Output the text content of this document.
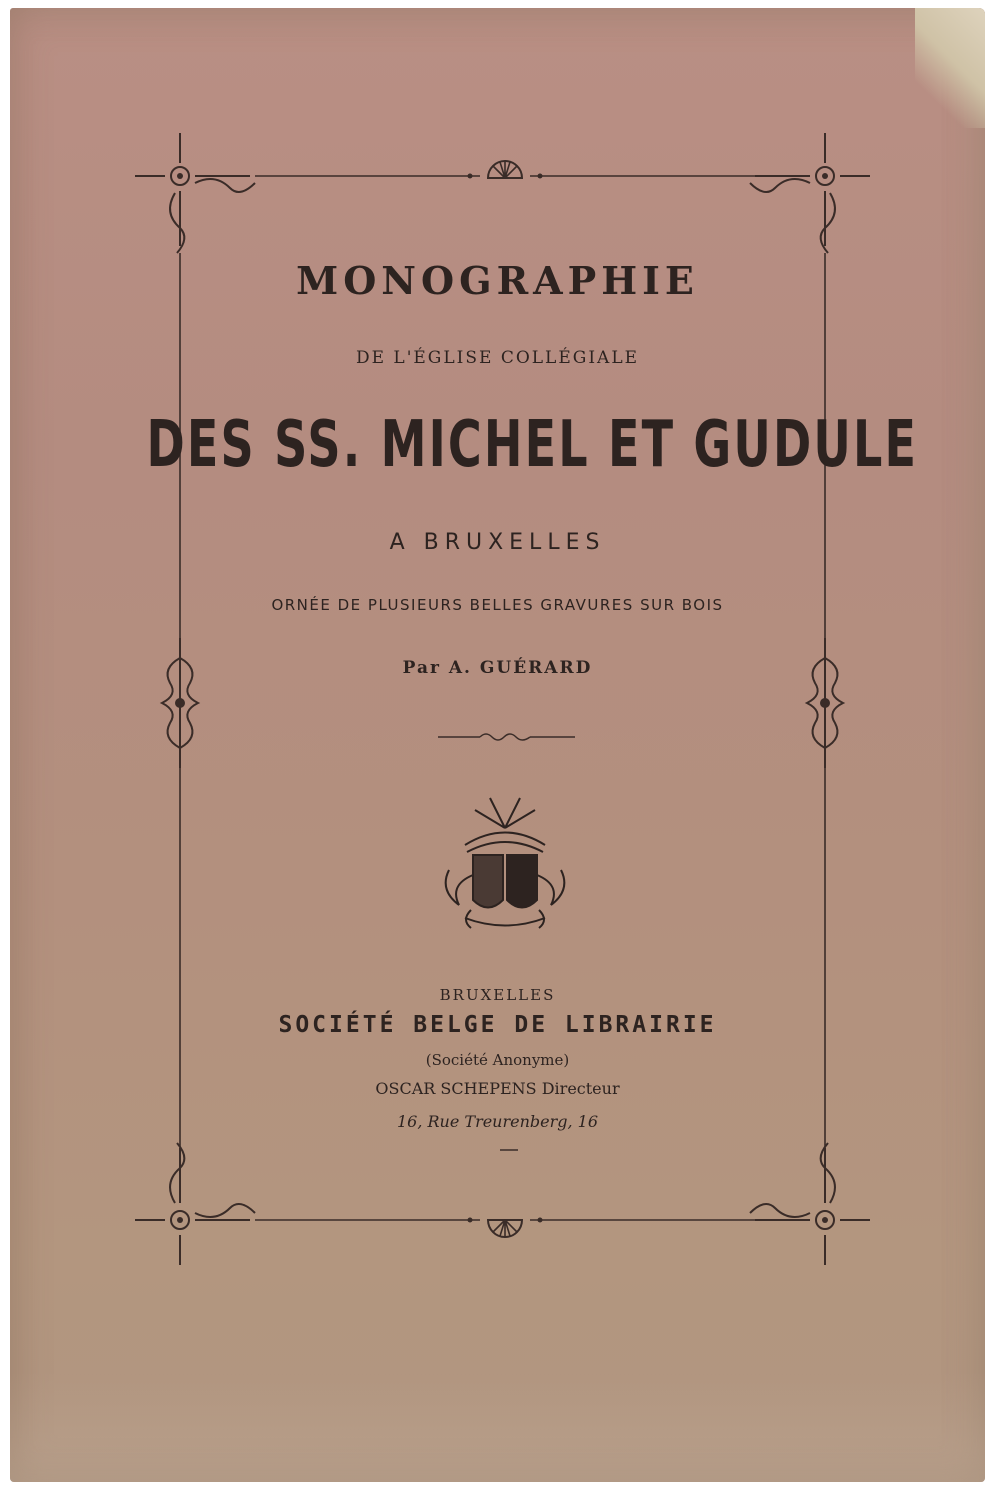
MONOGRAPHIE
DE L'ÉGLISE COLLÉGIALE
DES SS. MICHEL ET GUDULE
A BRUXELLES
ORNÉE DE PLUSIEURS BELLES GRAVURES SUR BOIS
Par A. GUÉRARD
BRUXELLES
SOCIÉTÉ BELGE DE LIBRAIRIE
(Société Anonyme)
OSCAR SCHEPENS Directeur
16, Rue Treurenberg, 16
